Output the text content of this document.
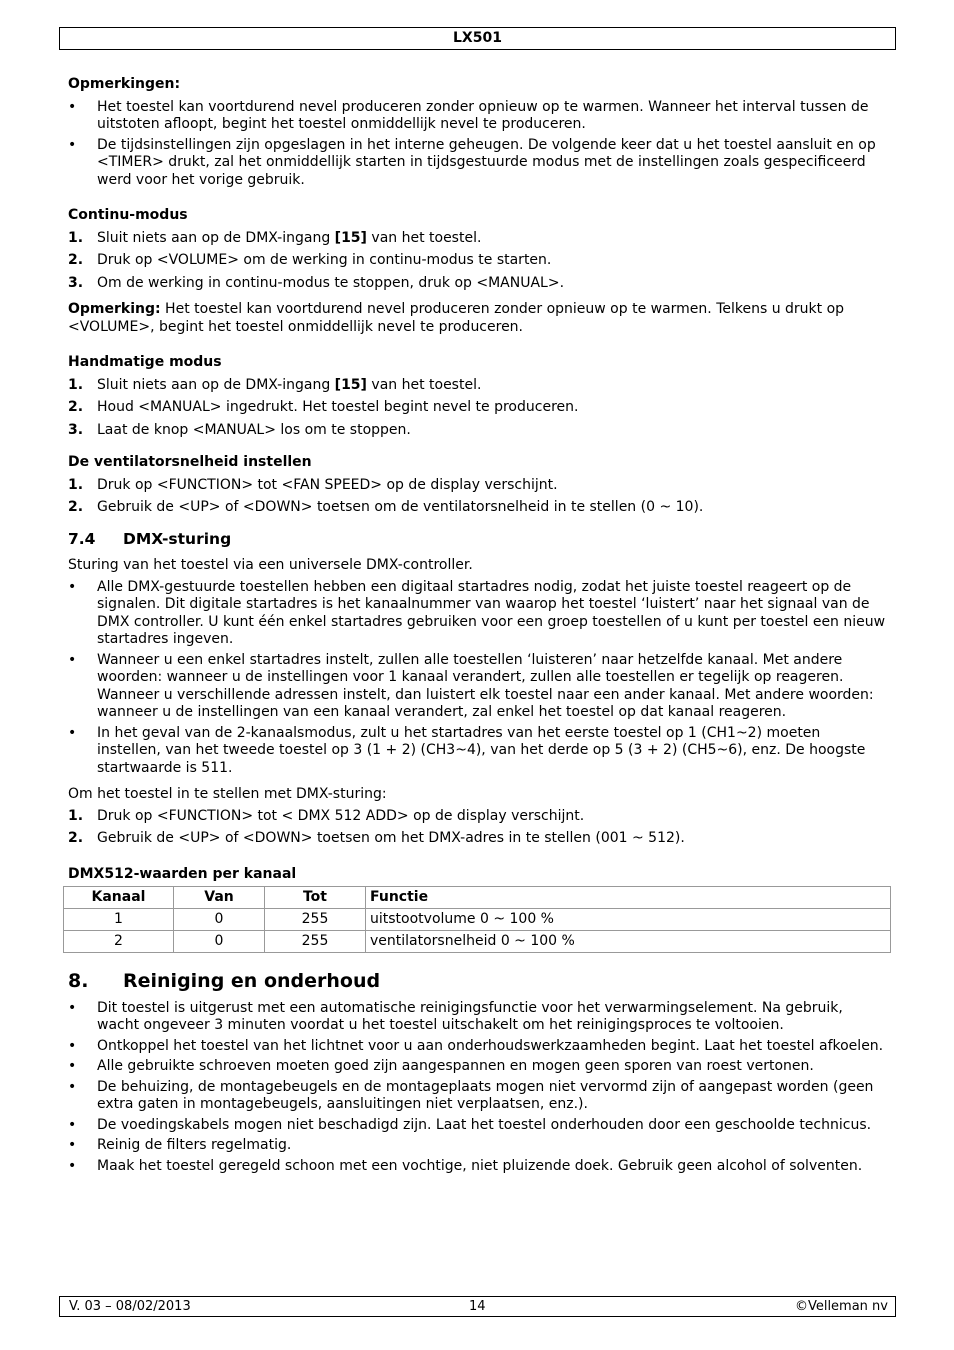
LX501
Opmerkingen:
• Het toestel kan voortdurend nevel produceren zonder opnieuw op te warmen. Wanneer het interval tussen de uitstoten afloopt, begint het toestel onmiddellijk nevel te produceren.
• De tijdsinstellingen zijn opgeslagen in het interne geheugen. De volgende keer dat u het toestel aansluit en op <TIMER> drukt, zal het onmiddellijk starten in tijdsgestuurde modus met de instellingen zoals gespecificeerd werd voor het vorige gebruik.
Continu-modus
1. Sluit niets aan op de DMX-ingang [15] van het toestel.
2. Druk op <VOLUME> om de werking in continu-modus te starten.
3. Om de werking in continu-modus te stoppen, druk op <MANUAL>.

Opmerking: Het toestel kan voortdurend nevel produceren zonder opnieuw op te warmen. Telkens u drukt op <VOLUME>, begint het toestel onmiddellijk nevel te produceren.

Handmatige modus
1. Sluit niets aan op de DMX-ingang [15] van het toestel.
2. Houd <MANUAL> ingedrukt. Het toestel begint nevel te produceren.
3. Laat de knop <MANUAL> los om te stoppen.
De ventilatorsnelheid instellen
1. Druk op <FUNCTION> tot <FAN SPEED> op de display verschijnt.
2. Gebruik de <UP> of <DOWN> toetsen om de ventilatorsnelheid in te stellen (0 ~ 10).
7.4 DMX-sturing

Sturing van het toestel via een universele DMX-controller.

• Alle DMX-gestuurde toestellen hebben een digitaal startadres nodig, zodat het juiste toestel reageert op de signalen. Dit digitale startadres is het kanaalnummer van waarop het toestel ‘luistert’ naar het signaal van de DMX controller. U kunt één enkel startadres gebruiken voor een groep toestellen of u kunt per toestel een nieuw startadres ingeven.
• Wanneer u een enkel startadres instelt, zullen alle toestellen ‘luisteren’ naar hetzelfde kanaal. Met andere woorden: wanneer u de instellingen voor 1 kanaal verandert, zullen alle toestellen er tegelijk op reageren. Wanneer u verschillende adressen instelt, dan luistert elk toestel naar een ander kanaal. Met andere woorden: wanneer u de instellingen van een kanaal verandert, zal enkel het toestel op dat kanaal reageren.
• In het geval van de 2-kanaalsmodus, zult u het startadres van het eerste toestel op 1 (CH1~2) moeten instellen, van het tweede toestel op 3 (1 + 2) (CH3~4), van het derde op 5 (3 + 2) (CH5~6), enz. De hoogste startwaarde is 511.

Om het toestel in te stellen met DMX-sturing:

1. Druk op <FUNCTION> tot < DMX 512 ADD> op de display verschijnt.
2. Gebruik de <UP> of <DOWN> toetsen om het DMX-adres in te stellen (001 ~ 512).
DMX512-waarden per kanaal
Kanaal	Van	Tot	Functie
1	0	255	uitstootvolume 0 ~ 100 %
2	0	255	ventilatorsnelheid 0 ~ 100 %
8. Reiniging en onderhoud
• Dit toestel is uitgerust met een automatische reinigingsfunctie voor het verwarmingselement. Na gebruik, wacht ongeveer 3 minuten voordat u het toestel uitschakelt om het reinigingsproces te voltooien.
• Ontkoppel het toestel van het lichtnet voor u aan onderhoudswerkzaamheden begint. Laat het toestel afkoelen.
• Alle gebruikte schroeven moeten goed zijn aangespannen en mogen geen sporen van roest vertonen.
• De behuizing, de montagebeugels en de montageplaats mogen niet vervormd zijn of aangepast worden (geen extra gaten in montagebeugels, aansluitingen niet verplaatsen, enz.).
• De voedingskabels mogen niet beschadigd zijn. Laat het toestel onderhouden door een geschoolde technicus.
• Reinig de filters regelmatig.
• Maak het toestel geregeld schoon met een vochtige, niet pluizende doek. Gebruik geen alcohol of solventen.
V. 03 – 08/02/2013	14	©Velleman nv
